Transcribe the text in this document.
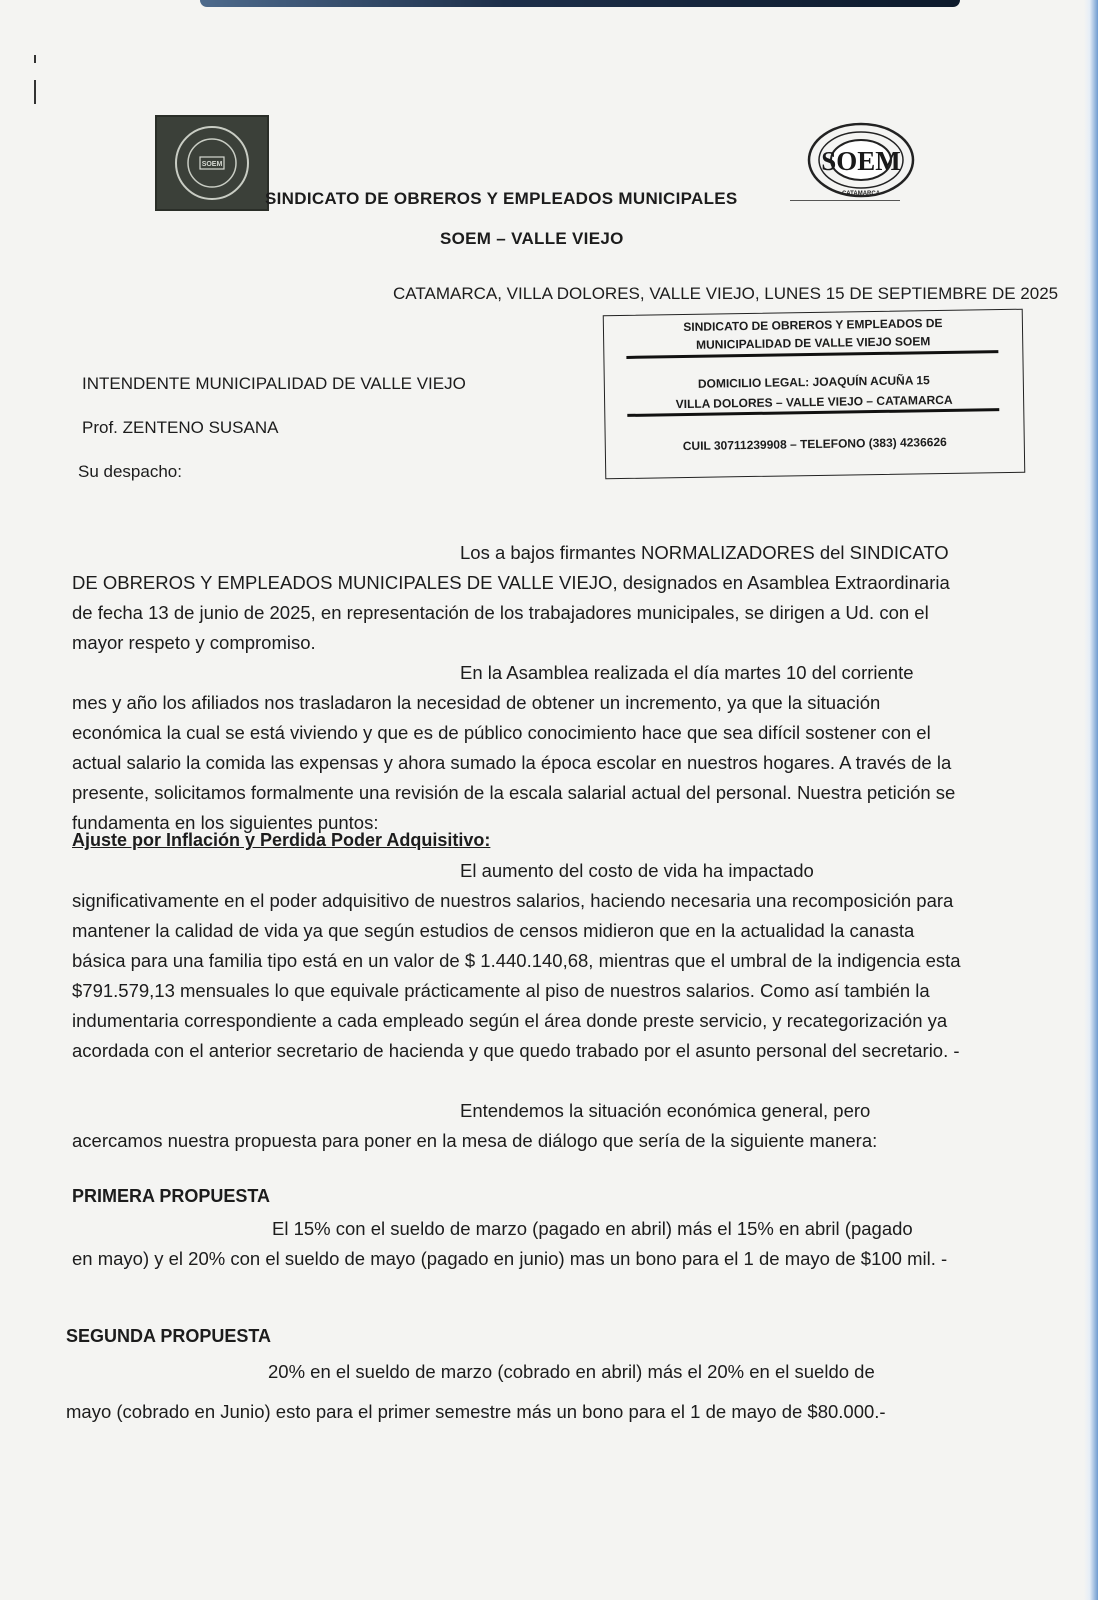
SOEM	SOEM
CATAMARCA
SINDICATO DE OBREROS Y EMPLEADOS MUNICIPALES
SOEM – VALLE VIEJO
CATAMARCA, VILLA DOLORES, VALLE VIEJO, LUNES 15 DE SEPTIEMBRE DE 2025
SINDICATO DE OBREROS Y EMPLEADOS DE
MUNICIPALIDAD DE VALLE VIEJO SOEM
DOMICILIO LEGAL: JOAQUÍN ACUÑA 15
VILLA DOLORES – VALLE VIEJO – CATAMARCA
CUIL 30711239908 – TELEFONO (383) 4236626
INTENDENTE MUNICIPALIDAD DE VALLE VIEJO
Prof. ZENTENO SUSANA
Su despacho:
Los a bajos firmantes NORMALIZADORES del SINDICATO
DE OBREROS Y EMPLEADOS MUNICIPALES DE VALLE VIEJO, designados en Asamblea Extraordinaria de fecha 13 de junio de 2025, en representación de los trabajadores municipales, se dirigen a Ud. con el mayor respeto y compromiso.
En la Asamblea realizada el día martes 10 del corriente
mes y año los afiliados nos trasladaron la necesidad de obtener un incremento, ya que la situación económica la cual se está viviendo y que es de público conocimiento hace que sea difícil sostener con el actual salario la comida las expensas y ahora sumado la época escolar en nuestros hogares. A través de la presente, solicitamos formalmente una revisión de la escala salarial actual del personal. Nuestra petición se fundamenta en los siguientes puntos:
Ajuste por Inflación y Perdida Poder Adquisitivo:
El aumento del costo de vida ha impactado
significativamente en el poder adquisitivo de nuestros salarios, haciendo necesaria una recomposición para mantener la calidad de vida ya que según estudios de censos midieron que en la actualidad la canasta básica para una familia tipo está en un valor de $ 1.440.140,68, mientras que el umbral de la indigencia esta $791.579,13 mensuales lo que equivale prácticamente al piso de nuestros salarios. Como así también la indumentaria correspondiente a cada empleado según el área donde preste servicio, y recategorización ya acordada con el anterior secretario de hacienda y que quedo trabado por el asunto personal del secretario. -
Entendemos la situación económica general, pero
acercamos nuestra propuesta para poner en la mesa de diálogo que sería de la siguiente manera:
PRIMERA PROPUESTA
El 15% con el sueldo de marzo (pagado en abril) más el 15% en abril (pagado
en mayo) y el 20% con el sueldo de mayo (pagado en junio) mas un bono para el 1 de mayo de $100 mil. -
SEGUNDA PROPUESTA
20% en el sueldo de marzo (cobrado en abril) más el 20% en el sueldo de
mayo (cobrado en Junio) esto para el primer semestre más un bono para el 1 de mayo de $80.000.-
